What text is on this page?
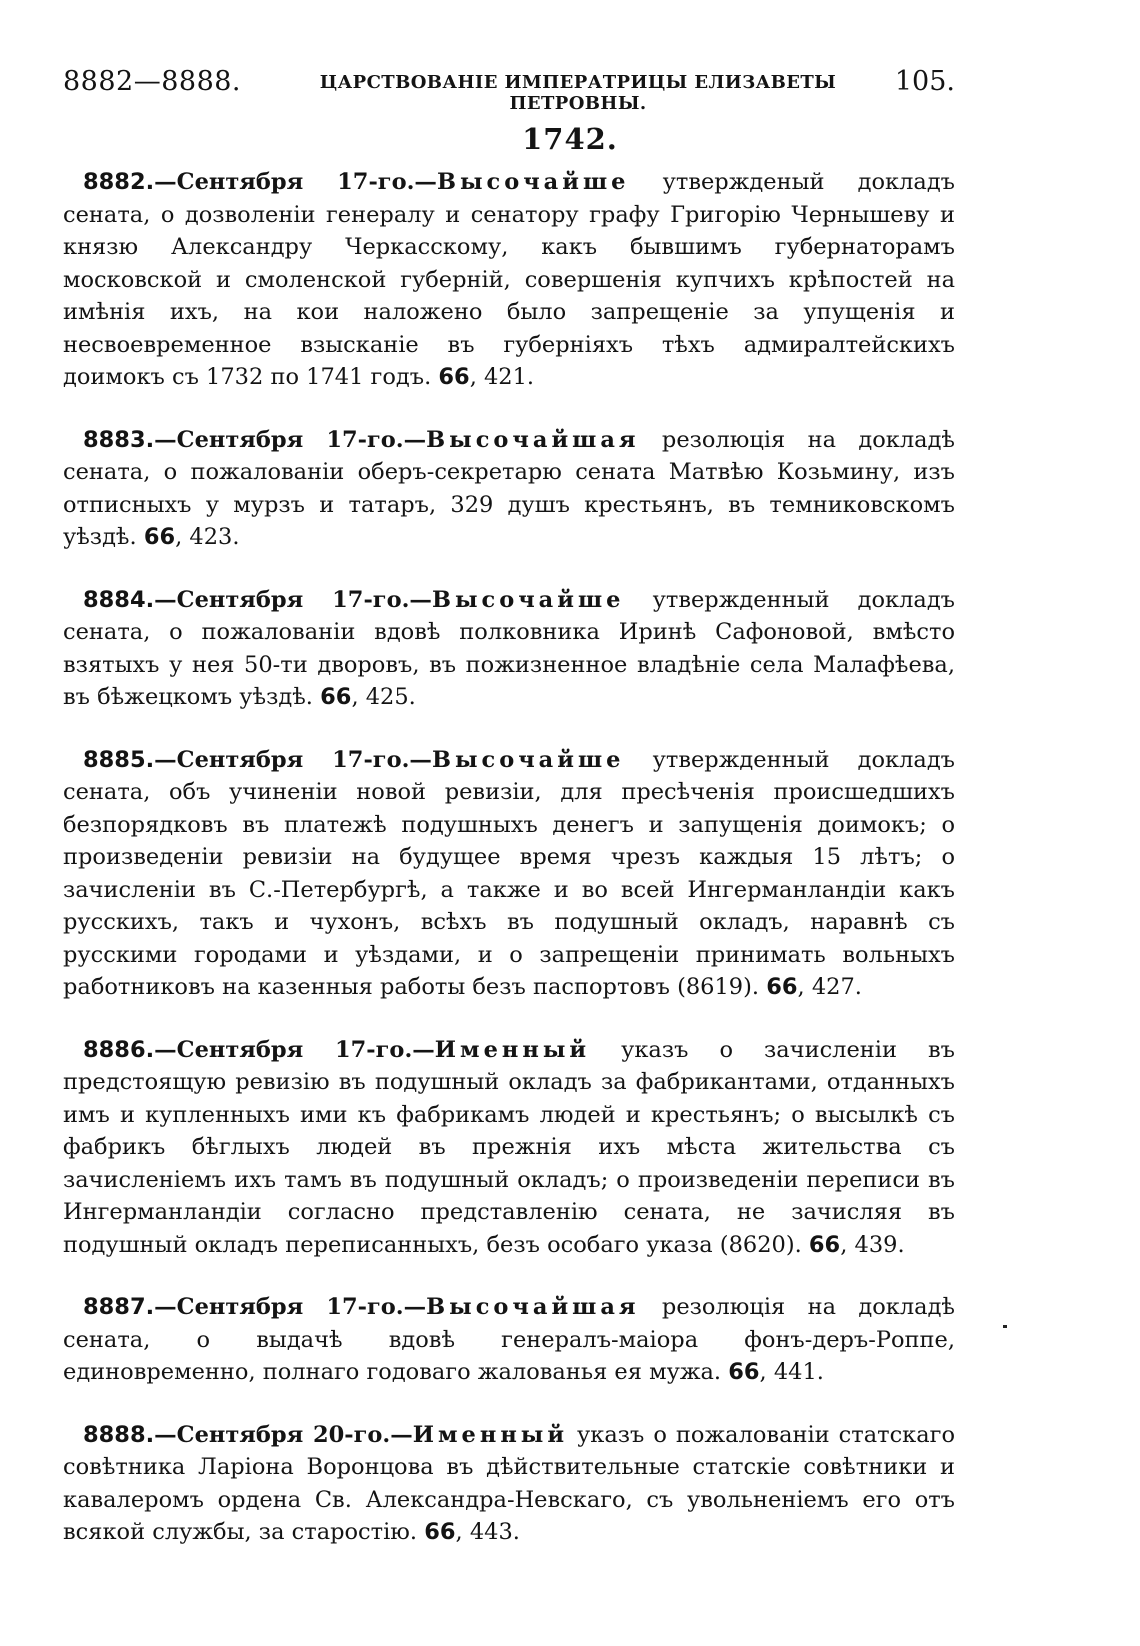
8882—8888.	ЦАРСТВОВАНІЕ ИМПЕРАТРИЦЫ ЕЛИЗАВЕТЫ ПЕТРОВНЫ.
105.
1742.

8882.—Сентября 17-го.—Высочайше утвержденый докладъ сената, о дозволеніи генералу и сенатору графу Григорію Чернышеву и князю Александру Черкасскому, какъ бывшимъ губернаторамъ московской и смоленской губерній, совершенія купчихъ крѣпостей на имѣнія ихъ, на кои наложено было запрещеніе за упущенія и несвоевременное взысканіе въ губерніяхъ тѣхъ адмиралтейскихъ доимокъ съ 1732 по 1741 годъ. 66, 421.

8883.—Сентября 17-го.—Высочайшая резолюція на докладѣ сената, о пожалованіи оберъ-секретарю сената Матвѣю Козьмину, изъ отписныхъ у мурзъ и татаръ, 329 душъ крестьянъ, въ темниковскомъ уѣздѣ. 66, 423.

8884.—Сентября 17-го.—Высочайше утвержденный докладъ сената, о пожалованіи вдовѣ полковника Иринѣ Сафоновой, вмѣсто взятыхъ у нея 50-ти дворовъ, въ пожизненное владѣніе села Малафѣева, въ бѣжецкомъ уѣздѣ. 66, 425.

8885.—Сентября 17-го.—Высочайше утвержденный докладъ сената, объ учиненіи новой ревизіи, для пресѣченія происшедшихъ безпорядковъ въ платежѣ подушныхъ денегъ и запущенія доимокъ; о произведеніи ревизіи на будущее время чрезъ каждыя 15 лѣтъ; о зачисленіи въ С.-Петербургѣ, а также и во всей Ингерманландіи какъ русскихъ, такъ и чухонъ, всѣхъ въ подушный окладъ, наравнѣ съ русскими городами и уѣздами, и о запрещеніи принимать вольныхъ работниковъ на казенныя работы безъ паспортовъ (8619). 66, 427.

8886.—Сентября 17-го.—Именный указъ о зачисленіи въ предстоящую ревизію въ подушный окладъ за фабрикантами, отданныхъ имъ и купленныхъ ими къ фабрикамъ людей и крестьянъ; о высылкѣ съ фабрикъ бѣглыхъ людей въ прежнія ихъ мѣста жительства съ зачисленіемъ ихъ тамъ въ подушный окладъ; о произведеніи переписи въ Ингерманландіи согласно представленію сената, не зачисляя въ подушный окладъ переписанныхъ, безъ особаго указа (8620). 66, 439.

8887.—Сентября 17-го.—Высочайшая резолюція на докладѣ сената, о выдачѣ вдовѣ генералъ-маіора фонъ-деръ-Роппе, единовременно, полнаго годоваго жалованья ея мужа. 66, 441.

8888.—Сентября 20-го.—Именный указъ о пожалованіи статскаго совѣтника Ларіона Воронцова въ дѣйствительные статскіе совѣтники и кавалеромъ ордена Св. Александра-Невскаго, съ увольненіемъ его отъ всякой службы, за старостію. 66, 443.
